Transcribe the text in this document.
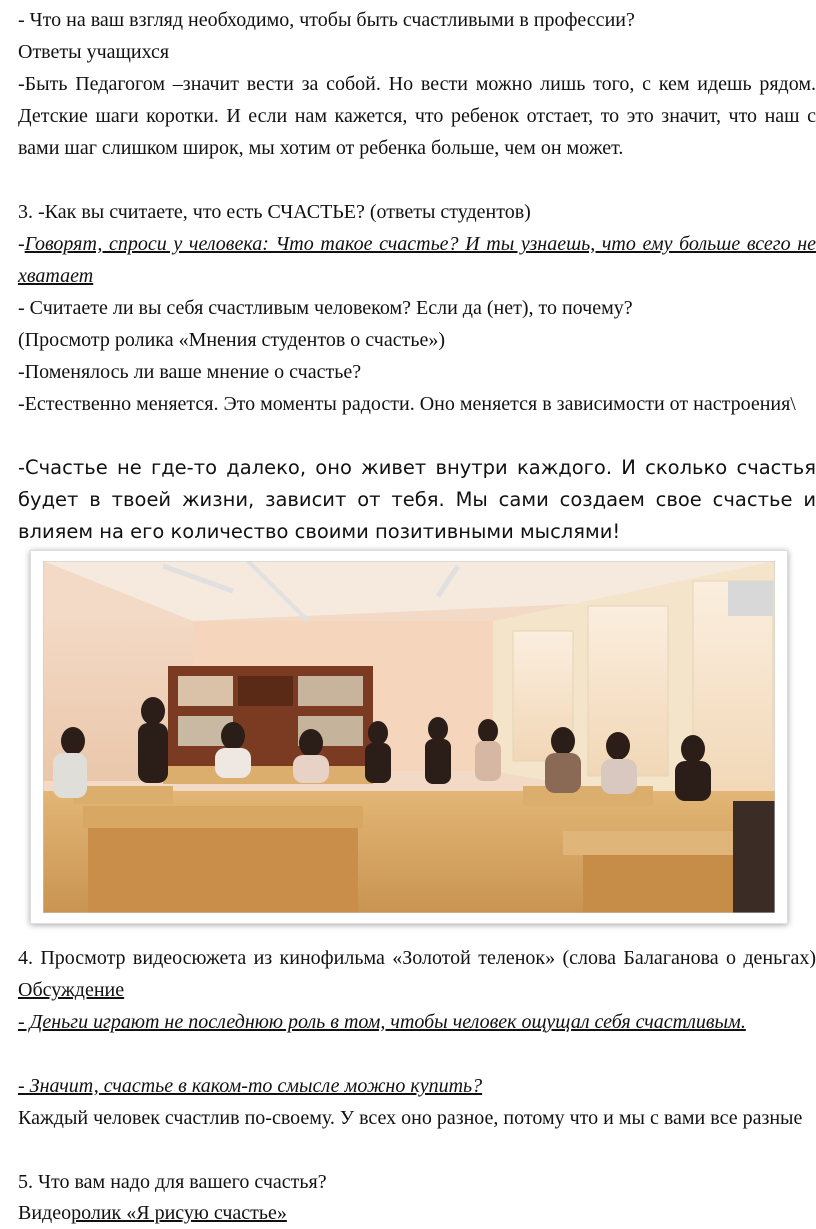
- Что на ваш взгляд необходимо, чтобы быть счастливыми в профессии?

Ответы учащихся

-Быть Педагогом –значит вести за собой. Но вести можно лишь того, с кем идешь рядом. Детские шаги коротки. И если нам кажется, что ребенок отстает, то это значит, что наш с вами шаг слишком широк, мы хотим от ребенка больше, чем он может.

3. -Как вы считаете, что есть СЧАСТЬЕ? (ответы студентов)

-Говорят, спроси у человека: Что такое счастье? И ты узнаешь, что ему больше всего не хватает

- Считаете ли вы себя счастливым человеком? Если да (нет), то почему?

(Просмотр ролика «Мнения студентов о счастье»)

-Поменялось ли ваше мнение о счастье?

-Естественно меняется. Это моменты радости. Оно меняется в зависимости от настроения\

-Счастье не где-то далеко, оно живет внутри каждого. И сколько счастья будет в твоей жизни, зависит от тебя. Мы сами создаем свое счастье и влияем на его количество своими позитивными мыслями!

4. Просмотр видеосюжета из кинофильма «Золотой теленок» (слова Балаганова о деньгах) Обсуждение

- Деньги играют не последнюю роль в том, чтобы человек ощущал себя счастливым.

- Значит, счастье в каком-то смысле можно купить?

Каждый человек счастлив по-своему. У всех оно разное, потому что и мы с вами все разные

5. Что вам надо для вашего счастья?

Видеоролик «Я рисую счастье»
